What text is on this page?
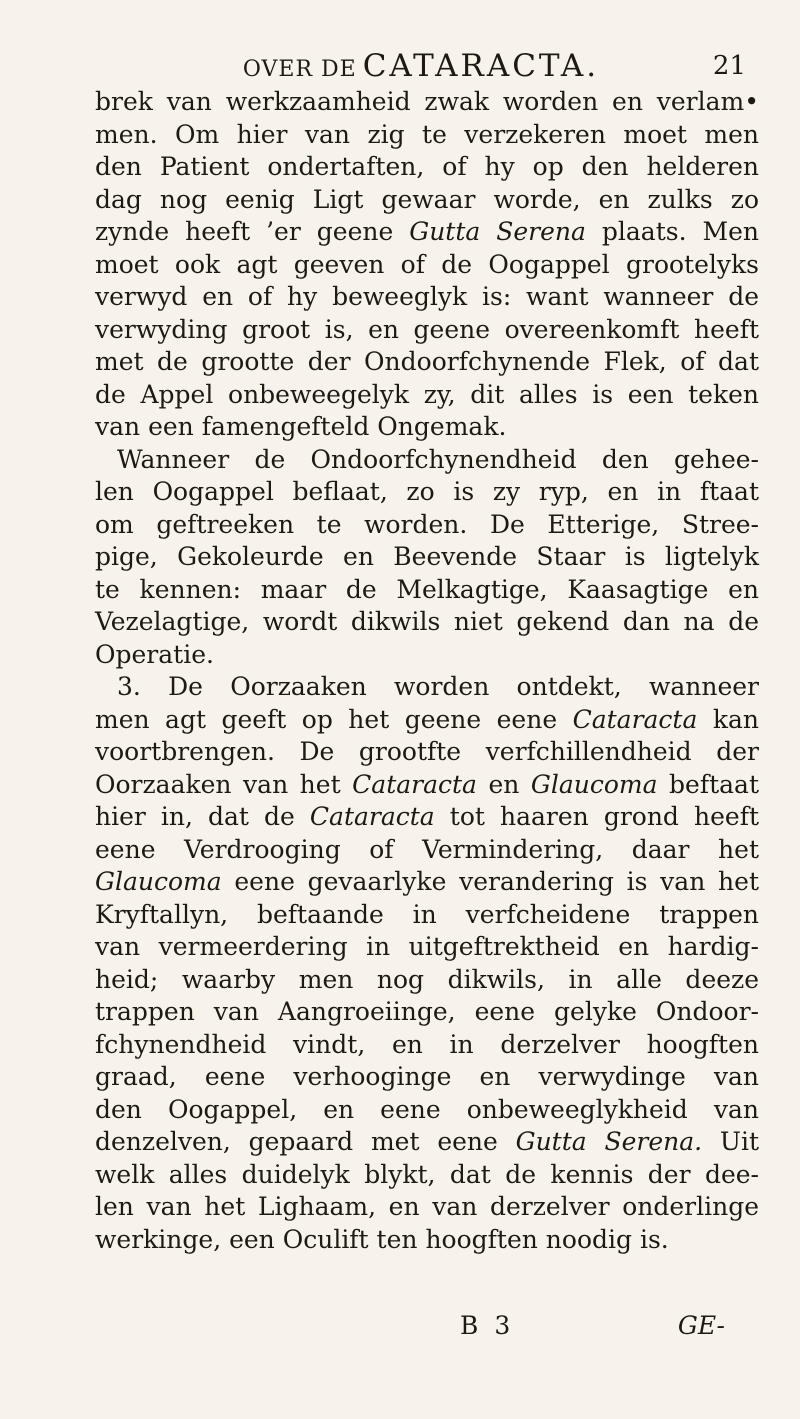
OVER DE CATARACTA.	21
brek van werkzaamheid zwak worden en verlam•
men. Om hier van zig te verzekeren moet men
den Patient ondertaften, of hy op den helderen
dag nog eenig Ligt gewaar worde, en zulks zo
zynde heeft ’er geene Gutta Serena plaats. Men
moet ook agt geeven of de Oogappel grootelyks
verwyd en of hy beweeglyk is: want wanneer de
verwyding groot is, en geene overeenkomft heeft
met de grootte der Ondoorfchynende Flek, of dat
de Appel onbeweegelyk zy, dit alles is een teken
van een famengefteld Ongemak.
Wanneer de Ondoorfchynendheid den gehee-
len Oogappel beflaat, zo is zy ryp, en in ftaat
om geftreeken te worden. De Etterige, Stree-
pige, Gekoleurde en Beevende Staar is ligtelyk
te kennen: maar de Melkagtige, Kaasagtige en
Vezelagtige, wordt dikwils niet gekend dan na de
Operatie.
3. De Oorzaaken worden ontdekt, wanneer
men agt geeft op het geene eene Cataracta kan
voortbrengen. De grootfte verfchillendheid der
Oorzaaken van het Cataracta en Glaucoma beftaat
hier in, dat de Cataracta tot haaren grond heeft
eene Verdrooging of Vermindering, daar het
Glaucoma eene gevaarlyke verandering is van het
Kryftallyn, beftaande in verfcheidene trappen
van vermeerdering in uitgeftrektheid en hardig-
heid; waarby men nog dikwils, in alle deeze
trappen van Aangroeiinge, eene gelyke Ondoor-
fchynendheid vindt, en in derzelver hoogften
graad, eene verhooginge en verwydinge van
den Oogappel, en eene onbeweeglykheid van
denzelven, gepaard met eene Gutta Serena. Uit
welk alles duidelyk blykt, dat de kennis der dee-
len van het Lighaam, en van derzelver onderlinge
werkinge, een Oculift ten hoogften noodig is.
B 3	GE-
